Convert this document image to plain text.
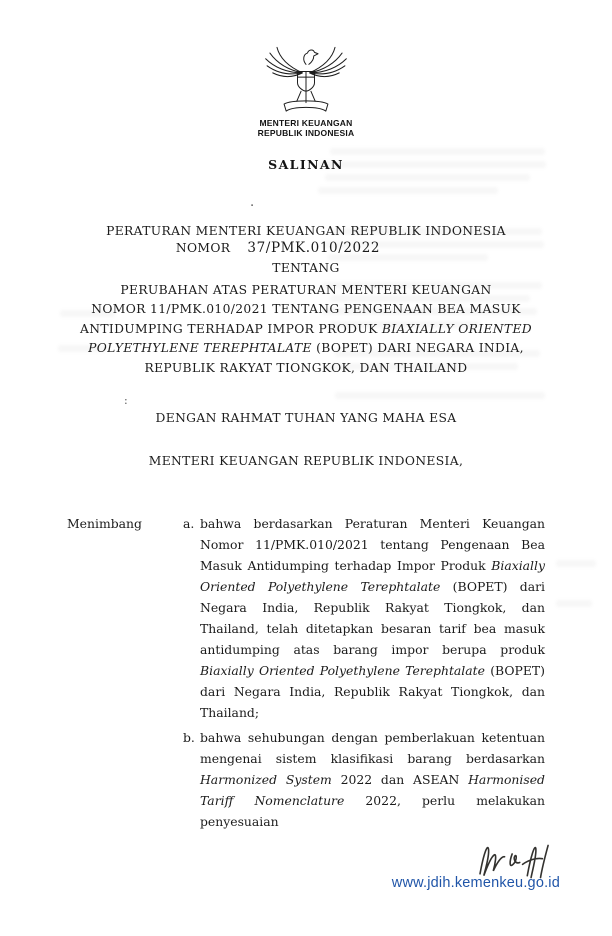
MENTERI KEUANGAN
REPUBLIK INDONESIA
SALINAN
.
:
PERATURAN MENTERI KEUANGAN REPUBLIK INDONESIA
NOMOR 37/PMK.010/2022
TENTANG
PERUBAHAN ATAS PERATURAN MENTERI KEUANGAN
NOMOR 11/PMK.010/2021 TENTANG PENGENAAN BEA MASUK
ANTIDUMPING TERHADAP IMPOR PRODUK BIAXIALLY ORIENTED
POLYETHYLENE TEREPHTALATE (BOPET) DARI NEGARA INDIA,
REPUBLIK RAKYAT TIONGKOK, DAN THAILAND
DENGAN RAHMAT TUHAN YANG MAHA ESA
MENTERI KEUANGAN REPUBLIK INDONESIA,
Menimbang	a. bahwa berdasarkan Peraturan Menteri Keuangan Nomor 11/PMK.010/2021 tentang Pengenaan Bea Masuk Antidumping terhadap Impor Produk Biaxially Oriented Polyethylene Terephtalate (BOPET) dari Negara India, Republik Rakyat Tiongkok, dan Thailand, telah ditetapkan besaran tarif bea masuk antidumping atas barang impor berupa produk Biaxially Oriented Polyethylene Terephtalate (BOPET) dari Negara India, Republik Rakyat Tiongkok, dan Thailand;
b. bahwa sehubungan dengan pemberlakuan ketentuan mengenai sistem klasifikasi barang berdasarkan Harmonized System 2022 dan ASEAN Harmonised Tariff Nomenclature 2022, perlu melakukan penyesuaian
www.jdih.kemenkeu.go.id
